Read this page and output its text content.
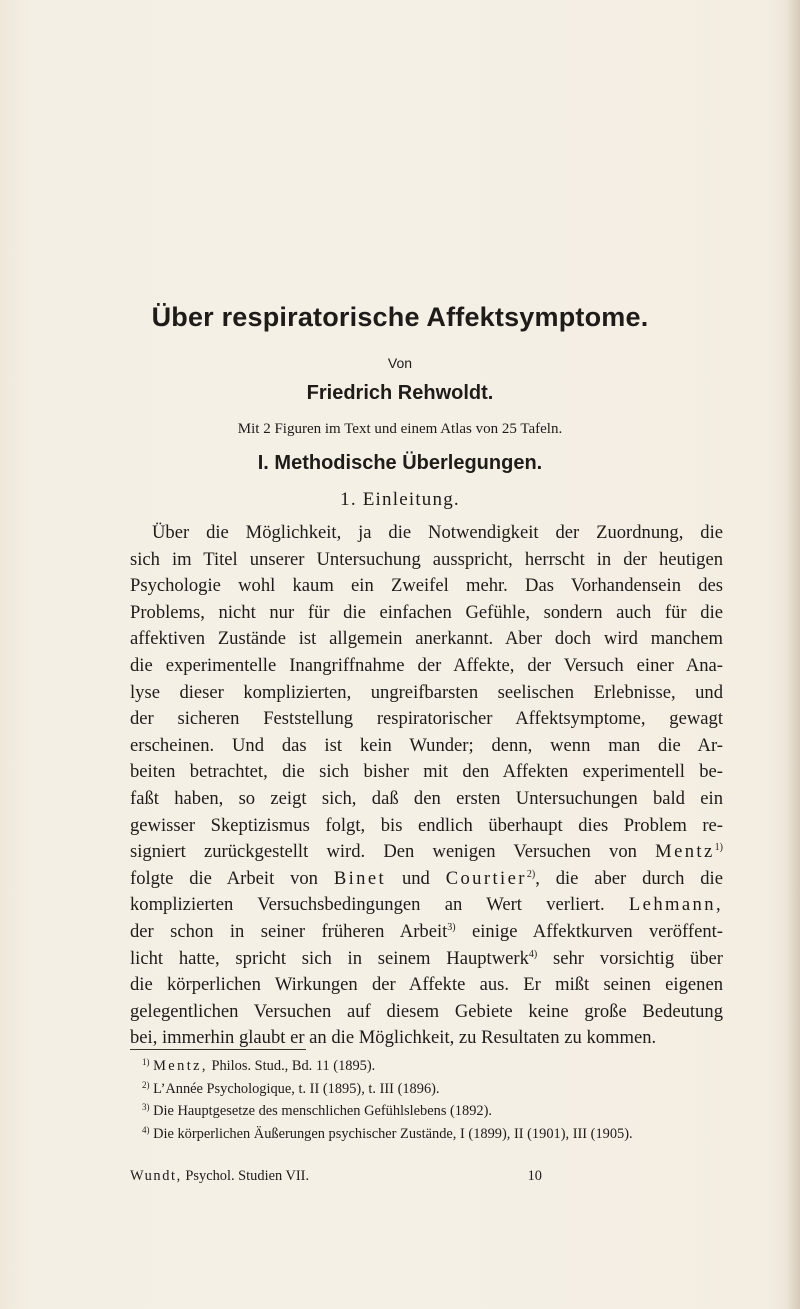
Über respiratorische Affektsymptome.
Von
Friedrich Rehwoldt.
Mit 2 Figuren im Text und einem Atlas von 25 Tafeln.
I. Methodische Überlegungen.
1. Einleitung.
Über die Möglichkeit, ja die Notwendigkeit der Zuordnung, die
sich im Titel unserer Untersuchung ausspricht, herrscht in der heutigen
Psychologie wohl kaum ein Zweifel mehr. Das Vorhandensein des
Problems, nicht nur für die einfachen Gefühle, sondern auch für die
affektiven Zustände ist allgemein anerkannt. Aber doch wird manchem
die experimentelle Inangriffnahme der Affekte, der Versuch einer Ana-
lyse dieser komplizierten, ungreifbarsten seelischen Erlebnisse, und
der sicheren Feststellung respiratorischer Affektsymptome, gewagt
erscheinen. Und das ist kein Wunder; denn, wenn man die Ar-
beiten betrachtet, die sich bisher mit den Affekten experimentell be-
faßt haben, so zeigt sich, daß den ersten Untersuchungen bald ein
gewisser Skeptizismus folgt, bis endlich überhaupt dies Problem re-
signiert zurückgestellt wird. Den wenigen Versuchen von Mentz$^{1)}$
folgte die Arbeit von Binet und Courtier$^{2)}$, die aber durch die
komplizierten Versuchsbedingungen an Wert verliert. Lehmann,
der schon in seiner früheren Arbeit$^{3)}$ einige Affektkurven veröffent-
licht hatte, spricht sich in seinem Hauptwerk$^{4)}$ sehr vorsichtig über
die körperlichen Wirkungen der Affekte aus. Er mißt seinen eigenen
gelegentlichen Versuchen auf diesem Gebiete keine große Bedeutung
bei, immerhin glaubt er an die Möglichkeit, zu Resultaten zu kommen.
$^{1)}$ Mentz, Philos. Stud., Bd. 11 (1895).
$^{2)}$ L’Année Psychologique, t. II (1895), t. III (1896).
$^{3)}$ Die Hauptgesetze des menschlichen Gefühlslebens (1892).
$^{4)}$ Die körperlichen Äußerungen psychischer Zustände, I (1899), II (1901), III (1905).
Wundt, Psychol. Studien VII.	10
